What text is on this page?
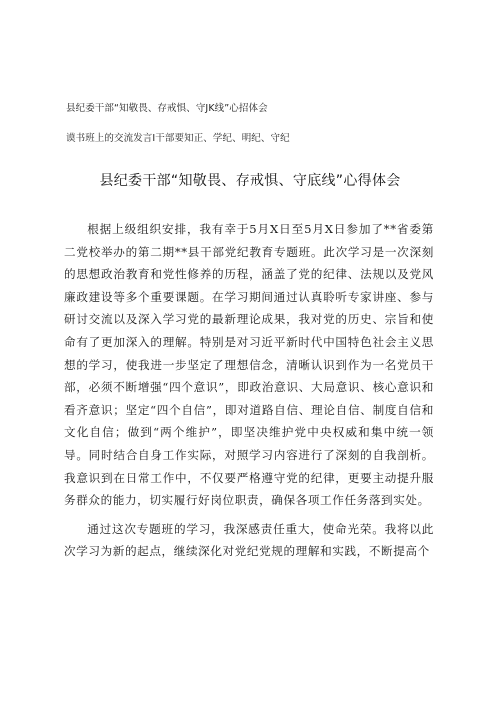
县纪委干部“知敬畏、存戒惧、守JK线”心招体会
谟书班上的交流发言I干部要知正、学纪、明纪、守纪
县纪委干部“知敬畏、存戒惧、守底线”心得体会

根据上级组织安排，我有幸于5月X日至5月X日参加了**省委第二党校举办的第二期**县干部党纪教育专题班。此次学习是一次深刻的思想政治教育和党性修养的历程，涵盖了党的纪律、法规以及党风廉政建设等多个重要课题。在学习期间通过认真聆听专家讲座、参与研讨交流以及深入学习党的最新理论成果，我对党的历史、宗旨和使命有了更加深入的理解。特别是对习近平新时代中国特色社会主义思想的学习，使我进一步坚定了理想信念，清晰认识到作为一名党员干部，必须不断增强“四个意识”，即政治意识、大局意识、核心意识和看齐意识；坚定“四个自信”，即对道路自信、理论自信、制度自信和文化自信；做到“两个维护”，即坚决维护党中央权威和集中统一领导。同时结合自身工作实际，对照学习内容进行了深刻的自我剖析。我意识到在日常工作中，不仅要严格遵守党的纪律，更要主动提升服务群众的能力，切实履行好岗位职责，确保各项工作任务落到实处。

通过这次专题班的学习，我深感责任重大，使命光荣。我将以此次学习为新的起点，继续深化对党纪党规的理解和实践，不断提高个
